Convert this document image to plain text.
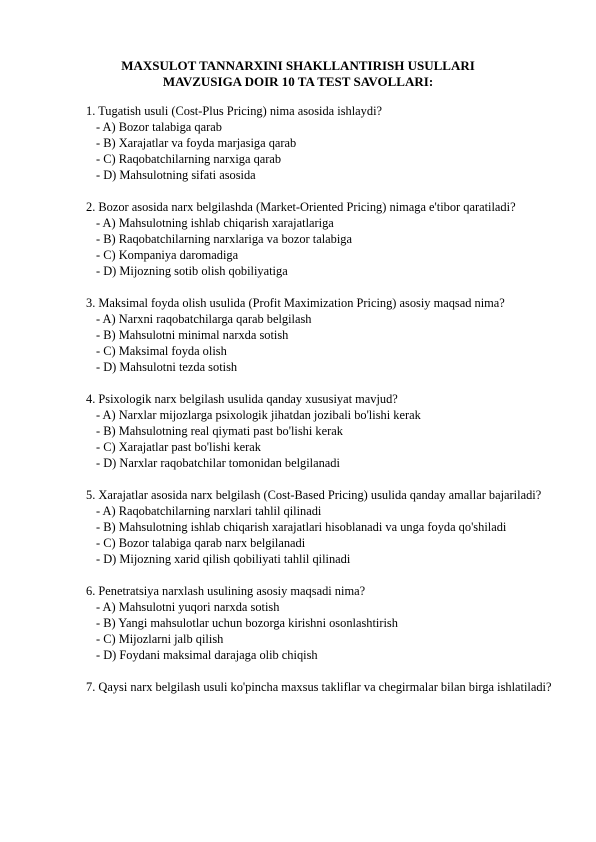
MAXSULOT TANNARXINI SHAKLLANTIRISH USULLARI
MAVZUSIGA DOIR 10 TA TEST SAVOLLARI:

1. Tugatish usuli (Cost-Plus Pricing) nima asosida ishlaydi?

- A) Bozor talabiga qarab
- B) Xarajatlar va foyda marjasiga qarab
- C) Raqobatchilarning narxiga qarab
- D) Mahsulotning sifati asosida

2. Bozor asosida narx belgilashda (Market-Oriented Pricing) nimaga e'tibor qaratiladi?

- A) Mahsulotning ishlab chiqarish xarajatlariga
- B) Raqobatchilarning narxlariga va bozor talabiga
- C) Kompaniya daromadiga
- D) Mijozning sotib olish qobiliyatiga

3. Maksimal foyda olish usulida (Profit Maximization Pricing) asosiy maqsad nima?

- A) Narxni raqobatchilarga qarab belgilash
- B) Mahsulotni minimal narxda sotish
- C) Maksimal foyda olish
- D) Mahsulotni tezda sotish

4. Psixologik narx belgilash usulida qanday xususiyat mavjud?

- A) Narxlar mijozlarga psixologik jihatdan jozibali bo'lishi kerak
- B) Mahsulotning real qiymati past bo'lishi kerak
- C) Xarajatlar past bo'lishi kerak
- D) Narxlar raqobatchilar tomonidan belgilanadi

5. Xarajatlar asosida narx belgilash (Cost-Based Pricing) usulida qanday amallar bajariladi?

- A) Raqobatchilarning narxlari tahlil qilinadi
- B) Mahsulotning ishlab chiqarish xarajatlari hisoblanadi va unga foyda qo'shiladi
- C) Bozor talabiga qarab narx belgilanadi
- D) Mijozning xarid qilish qobiliyati tahlil qilinadi

6. Penetratsiya narxlash usulining asosiy maqsadi nima?

- A) Mahsulotni yuqori narxda sotish
- B) Yangi mahsulotlar uchun bozorga kirishni osonlashtirish
- C) Mijozlarni jalb qilish
- D) Foydani maksimal darajaga olib chiqish

7. Qaysi narx belgilash usuli ko'pincha maxsus takliflar va chegirmalar bilan birga ishlatiladi?
